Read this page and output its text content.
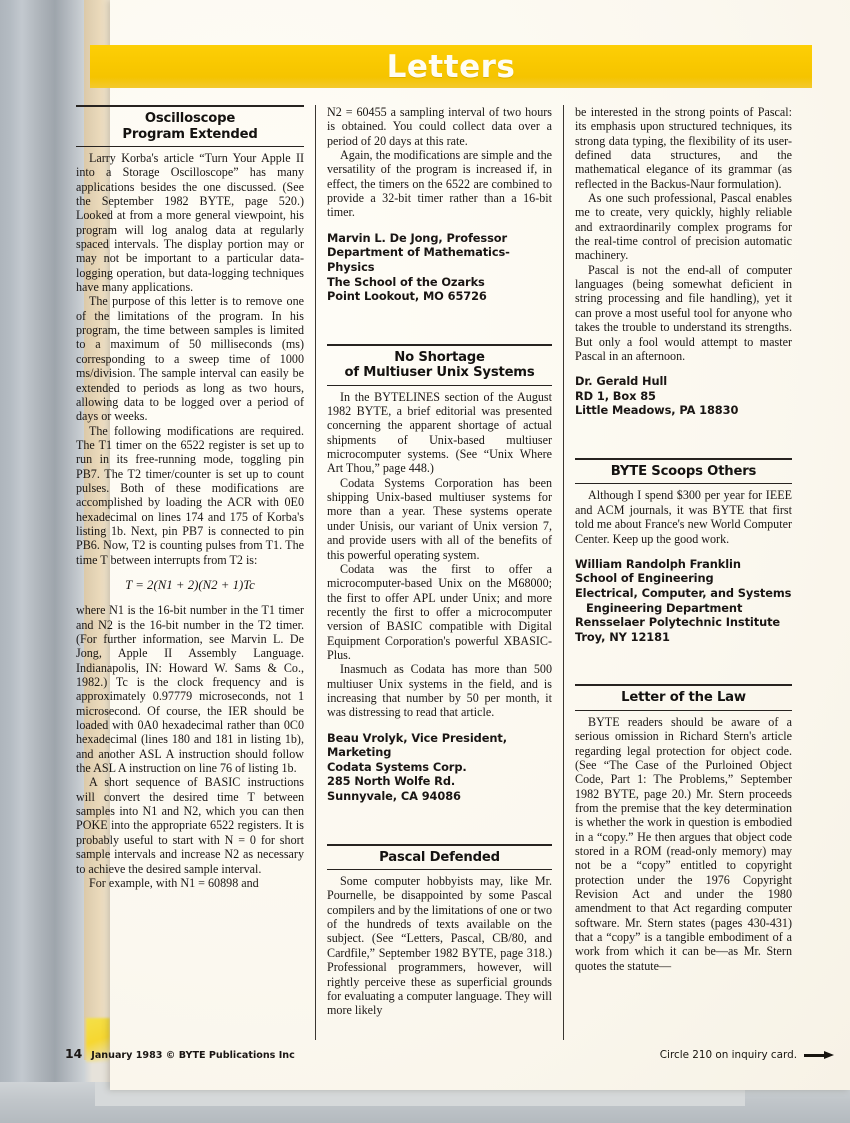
Letters
Oscilloscope
Program Extended

Larry Korba's article “Turn Your Apple II into a Storage Oscilloscope” has many applications besides the one discussed. (See the September 1982 BYTE, page 520.) Looked at from a more general viewpoint, his program will log analog data at regularly spaced intervals. The display portion may or may not be important to a particular data-logging operation, but data-logging techniques have many applications.

The purpose of this letter is to remove one of the limitations of the program. In his program, the time between samples is limited to a maximum of 50 milliseconds (ms) corresponding to a sweep time of 1000 ms/division. The sample interval can easily be extended to periods as long as two hours, allowing data to be logged over a period of days or weeks.

The following modifications are required. The T1 timer on the 6522 register is set up to run in its free-running mode, toggling pin PB7. The T2 timer/counter is set up to count pulses. Both of these modifications are accomplished by loading the ACR with 0E0 hexadecimal on lines 174 and 175 of Korba's listing 1b. Next, pin PB7 is connected to pin PB6. Now, T2 is counting pulses from T1. The time T between interrupts from T2 is:

T = 2(N1 + 2)(N2 + 1)Tc

where N1 is the 16-bit number in the T1 timer and N2 is the 16-bit number in the T2 timer. (For further information, see Marvin L. De Jong, Apple II Assembly Language. Indianapolis, IN: Howard W. Sams & Co., 1982.) Tc is the clock frequency and is approximately 0.97779 microseconds, not 1 microsecond. Of course, the IER should be loaded with 0A0 hexadecimal rather than 0C0 hexadecimal (lines 180 and 181 in listing 1b), and another ASL A instruction should follow the ASL A instruction on line 76 of listing 1b.

A short sequence of BASIC instructions will convert the desired time T between samples into N1 and N2, which you can then POKE into the appropriate 6522 registers. It is probably useful to start with N = 0 for short sample intervals and increase N2 as necessary to achieve the desired sample interval.

For example, with N1 = 60898 and

N2 = 60455 a sampling interval of two hours is obtained. You could collect data over a period of 20 days at this rate.

Again, the modifications are simple and the versatility of the program is increased if, in effect, the timers on the 6522 are combined to provide a 32-bit timer rather than a 16-bit timer.

Marvin L. De Jong, Professor
Department of Mathematics-Physics
The School of the Ozarks
Point Lookout, MO 65726

No Shortage
of Multiuser Unix Systems

In the BYTELINES section of the August 1982 BYTE, a brief editorial was presented concerning the apparent shortage of actual shipments of Unix-based multiuser microcomputer systems. (See “Unix Where Art Thou,” page 448.)

Codata Systems Corporation has been shipping Unix-based multiuser systems for more than a year. These systems operate under Unisis, our variant of Unix version 7, and provide users with all of the benefits of this powerful operating system.

Codata was the first to offer a microcomputer-based Unix on the M68000; the first to offer APL under Unix; and more recently the first to offer a microcomputer version of BASIC compatible with Digital Equipment Corporation's powerful XBASIC-Plus.

Inasmuch as Codata has more than 500 multiuser Unix systems in the field, and is increasing that number by 50 per month, it was distressing to read that article.

Beau Vrolyk, Vice President, Marketing
Codata Systems Corp.
285 North Wolfe Rd.
Sunnyvale, CA 94086

Pascal Defended

Some computer hobbyists may, like Mr. Pournelle, be disappointed by some Pascal compilers and by the limitations of one or two of the hundreds of texts available on the subject. (See “Letters, Pascal, CB/80, and Cardfile,” September 1982 BYTE, page 318.) Professional programmers, however, will rightly perceive these as superficial grounds for evaluating a computer language. They will more likely

be interested in the strong points of Pascal: its emphasis upon structured techniques, its strong data typing, the flexibility of its user-defined data structures, and the mathematical elegance of its grammar (as reflected in the Backus-Naur formulation).

As one such professional, Pascal enables me to create, very quickly, highly reliable and extraordinarily complex programs for the real-time control of precision automatic machinery.

Pascal is not the end-all of computer languages (being somewhat deficient in string processing and file handling), yet it can prove a most useful tool for anyone who takes the trouble to understand its strengths. But only a fool would attempt to master Pascal in an afternoon.

Dr. Gerald Hull
RD 1, Box 85
Little Meadows, PA 18830

BYTE Scoops Others

Although I spend $300 per year for IEEE and ACM journals, it was BYTE that first told me about France's new World Computer Center. Keep up the good work.

William Randolph Franklin
School of Engineering
Electrical, Computer, and Systems
Engineering Department
Rensselaer Polytechnic Institute
Troy, NY 12181

Letter of the Law

BYTE readers should be aware of a serious omission in Richard Stern's article regarding legal protection for object code. (See “The Case of the Purloined Object Code, Part 1: The Problems,” September 1982 BYTE, page 20.) Mr. Stern proceeds from the premise that the key determination is whether the work in question is embodied in a “copy.” He then argues that object code stored in a ROM (read-only memory) may not be a “copy” entitled to copyright protection under the 1976 Copyright Revision Act and under the 1980 amendment to that Act regarding computer software. Mr. Stern states (pages 430-431) that a “copy” is a tangible embodiment of a work from which it can be—as Mr. Stern quotes the statute—

14 January 1983 © BYTE Publications Inc	Circle 210 on inquiry card.
